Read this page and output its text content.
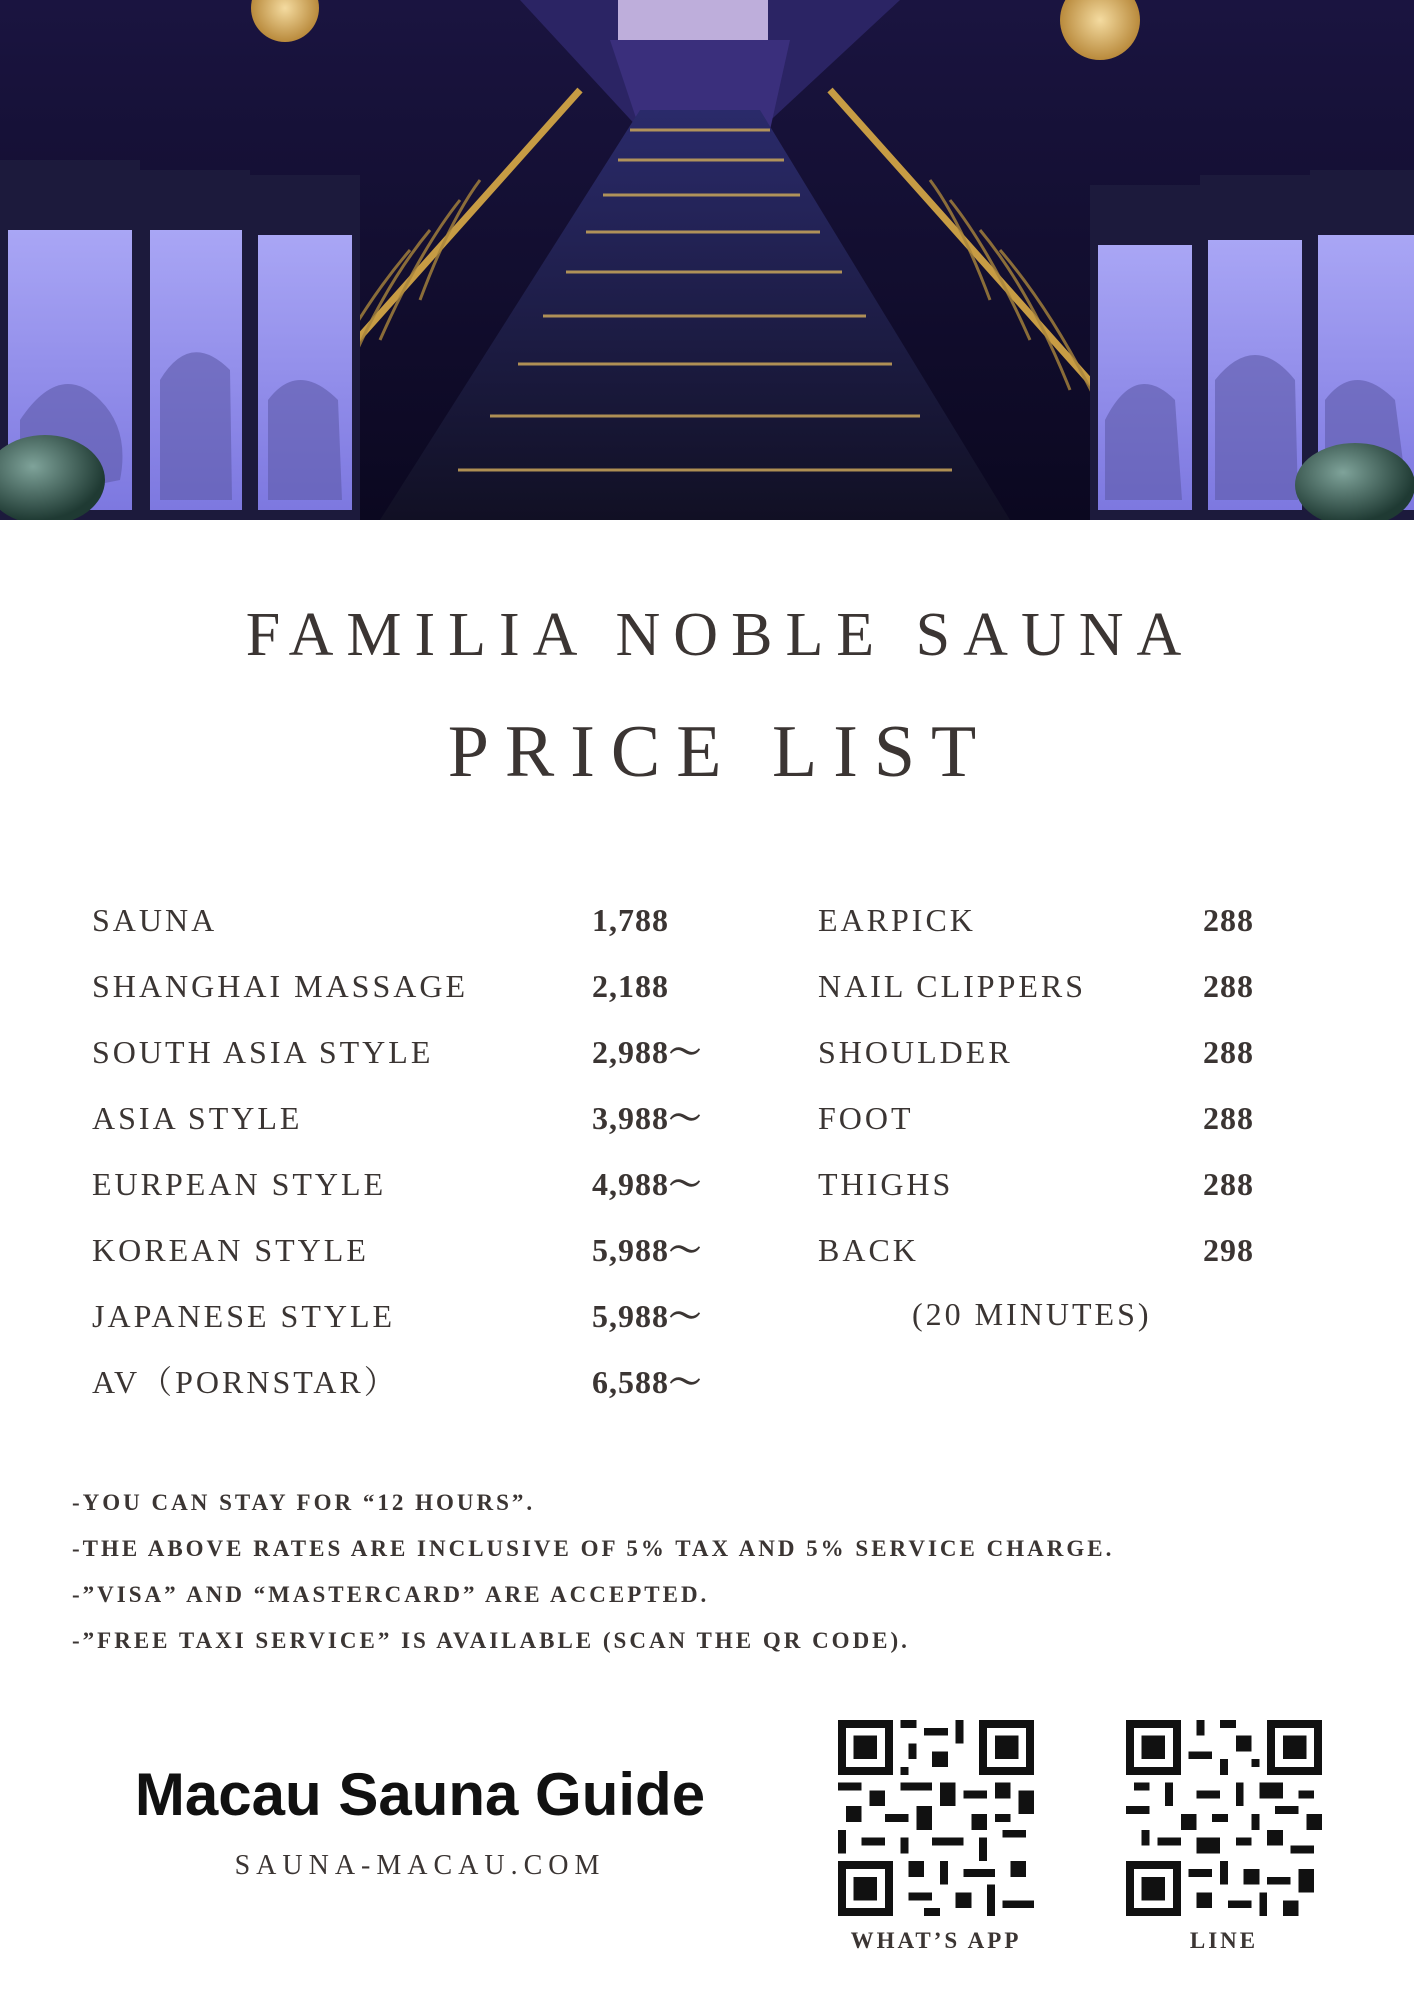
FAMILIA NOBLE SAUNA
PRICE LIST
SAUNA	1,788
SHANGHAI MASSAGE	2,188
SOUTH ASIA STYLE	2,988〜
ASIA STYLE	3,988〜
EURPEAN STYLE	4,988〜
KOREAN STYLE	5,988〜
JAPANESE STYLE	5,988〜
AV（PORNSTAR）	6,588〜
EARPICK	288
NAIL CLIPPERS	288
SHOULDER	288
FOOT	288
THIGHS	288
BACK	298
(20 MINUTES)
-YOU CAN STAY FOR “12 HOURS”.
-THE ABOVE RATES ARE INCLUSIVE OF 5% TAX AND 5% SERVICE CHARGE.
-”VISA” AND “MASTERCARD” ARE ACCEPTED.
-”FREE TAXI SERVICE” IS AVAILABLE (SCAN THE QR CODE).
Macau Sauna Guide
SAUNA-MACAU.COM
WHAT’S APP	LINE
